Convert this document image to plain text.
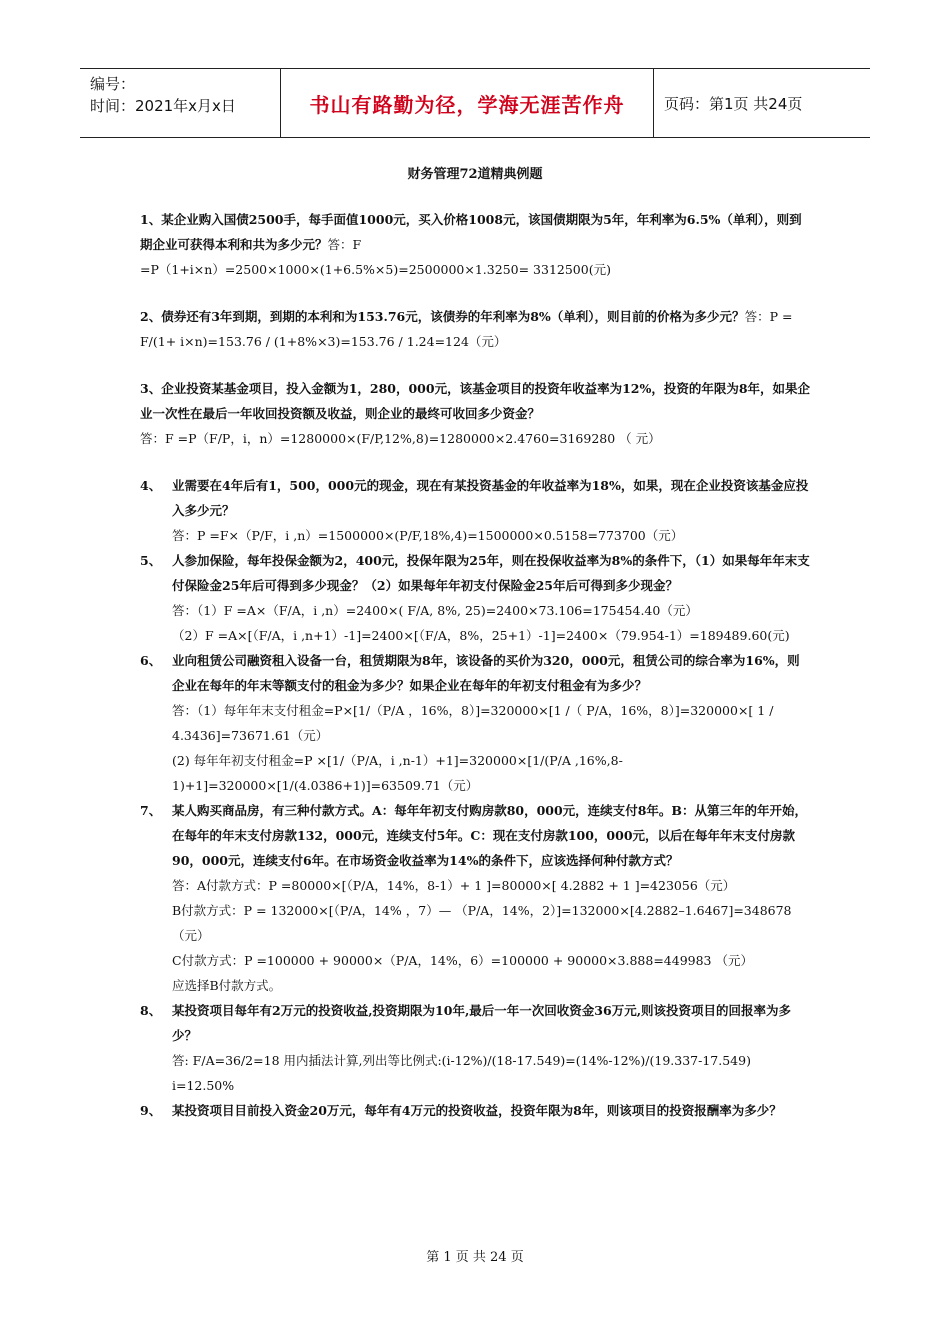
编号：
时间：2021年x月x日	书山有路勤为径，学海无涯苦作舟	页码：第1页 共24页
财务管理72道精典例题

1、某企业购入国债2500手，每手面值1000元，买入价格1008元，该国债期限为5年，年利率为6.5%（单利），则到期企业可获得本利和共为多少元？答：F

=P（1+i×n）=2500×1000×(1+6.5%×5)=2500000×1.3250= 3312500(元)

2、债券还有3年到期，到期的本利和为153.76元，该债券的年利率为8%（单利），则目前的价格为多少元？答：P = F/(1+ i×n)=153.76 / (1+8%×3)=153.76 / 1.24=124（元）

3、企业投资某基金项目，投入金额为1，280，000元，该基金项目的投资年收益率为12%，投资的年限为8年，如果企业一次性在最后一年收回投资额及收益，则企业的最终可收回多少资金？

答：F =P（F/P，i，n）=1280000×(F/P,12%,8)=1280000×2.4760=3169280 （ 元）

4、 业需要在4年后有1，500，000元的现金，现在有某投资基金的年收益率为18%，如果，现在企业投资该基金应投入多少元？

答：P =F×（P/F，i ,n）=1500000×(P/F,18%,4)=1500000×0.5158=773700（元）

5、 人参加保险，每年投保金额为2，400元，投保年限为25年，则在投保收益率为8%的条件下，（1）如果每年年末支付保险金25年后可得到多少现金？（2）如果每年年初支付保险金25年后可得到多少现金？

答：（1）F =A×（F/A，i ,n）=2400×( F/A, 8%, 25)=2400×73.106=175454.40（元）

（2）F =A×[（F/A，i ,n+1）-1]=2400×[（F/A，8%，25+1）-1]=2400×（79.954-1）=189489.60(元)

6、 业向租赁公司融资租入设备一台，租赁期限为8年，该设备的买价为320，000元，租赁公司的综合率为16%，则企业在每年的年末等额支付的租金为多少？如果企业在每年的年初支付租金有为多少？

答：（1）每年年末支付租金=P×[1/（P/A ，16%，8）]=320000×[1 /（ P/A，16%，8）]=320000×[ 1 / 4.3436]=73671.61（元）

(2) 每年年初支付租金=P ×[1/（P/A，i ,n-1）+1]=320000×[1/(P/A ,16%,8-1)+1]=320000×[1/(4.0386+1)]=63509.71（元）

7、 某人购买商品房，有三种付款方式。A：每年年初支付购房款80，000元，连续支付8年。B：从第三年的年开始，在每年的年末支付房款132，000元，连续支付5年。C：现在支付房款100，000元，以后在每年年末支付房款90，000元，连续支付6年。在市场资金收益率为14%的条件下，应该选择何种付款方式？

答：A付款方式：P =80000×[（P/A，14%，8-1）+ 1 ]=80000×[ 4.2882 + 1 ]=423056（元）

B付款方式：P = 132000×[（P/A，14% ，7）— （P/A，14%，2）]=132000×[4.2882–1.6467]=348678（元）

C付款方式：P =100000 + 90000×（P/A，14%，6）=100000 + 90000×3.888=449983 （元）

应选择B付款方式。

8、 某投资项目每年有2万元的投资收益,投资期限为10年,最后一年一次回收资金36万元,则该投资项目的回报率为多少？

答: F/A=36/2=18 用内插法计算,列出等比例式:(i-12%)/(18-17.549)=(14%-12%)/(19.337-17.549)

i=12.50%

9、 某投资项目目前投入资金20万元，每年有4万元的投资收益，投资年限为8年，则该项目的投资报酬率为多少？

第 1 页 共 24 页
